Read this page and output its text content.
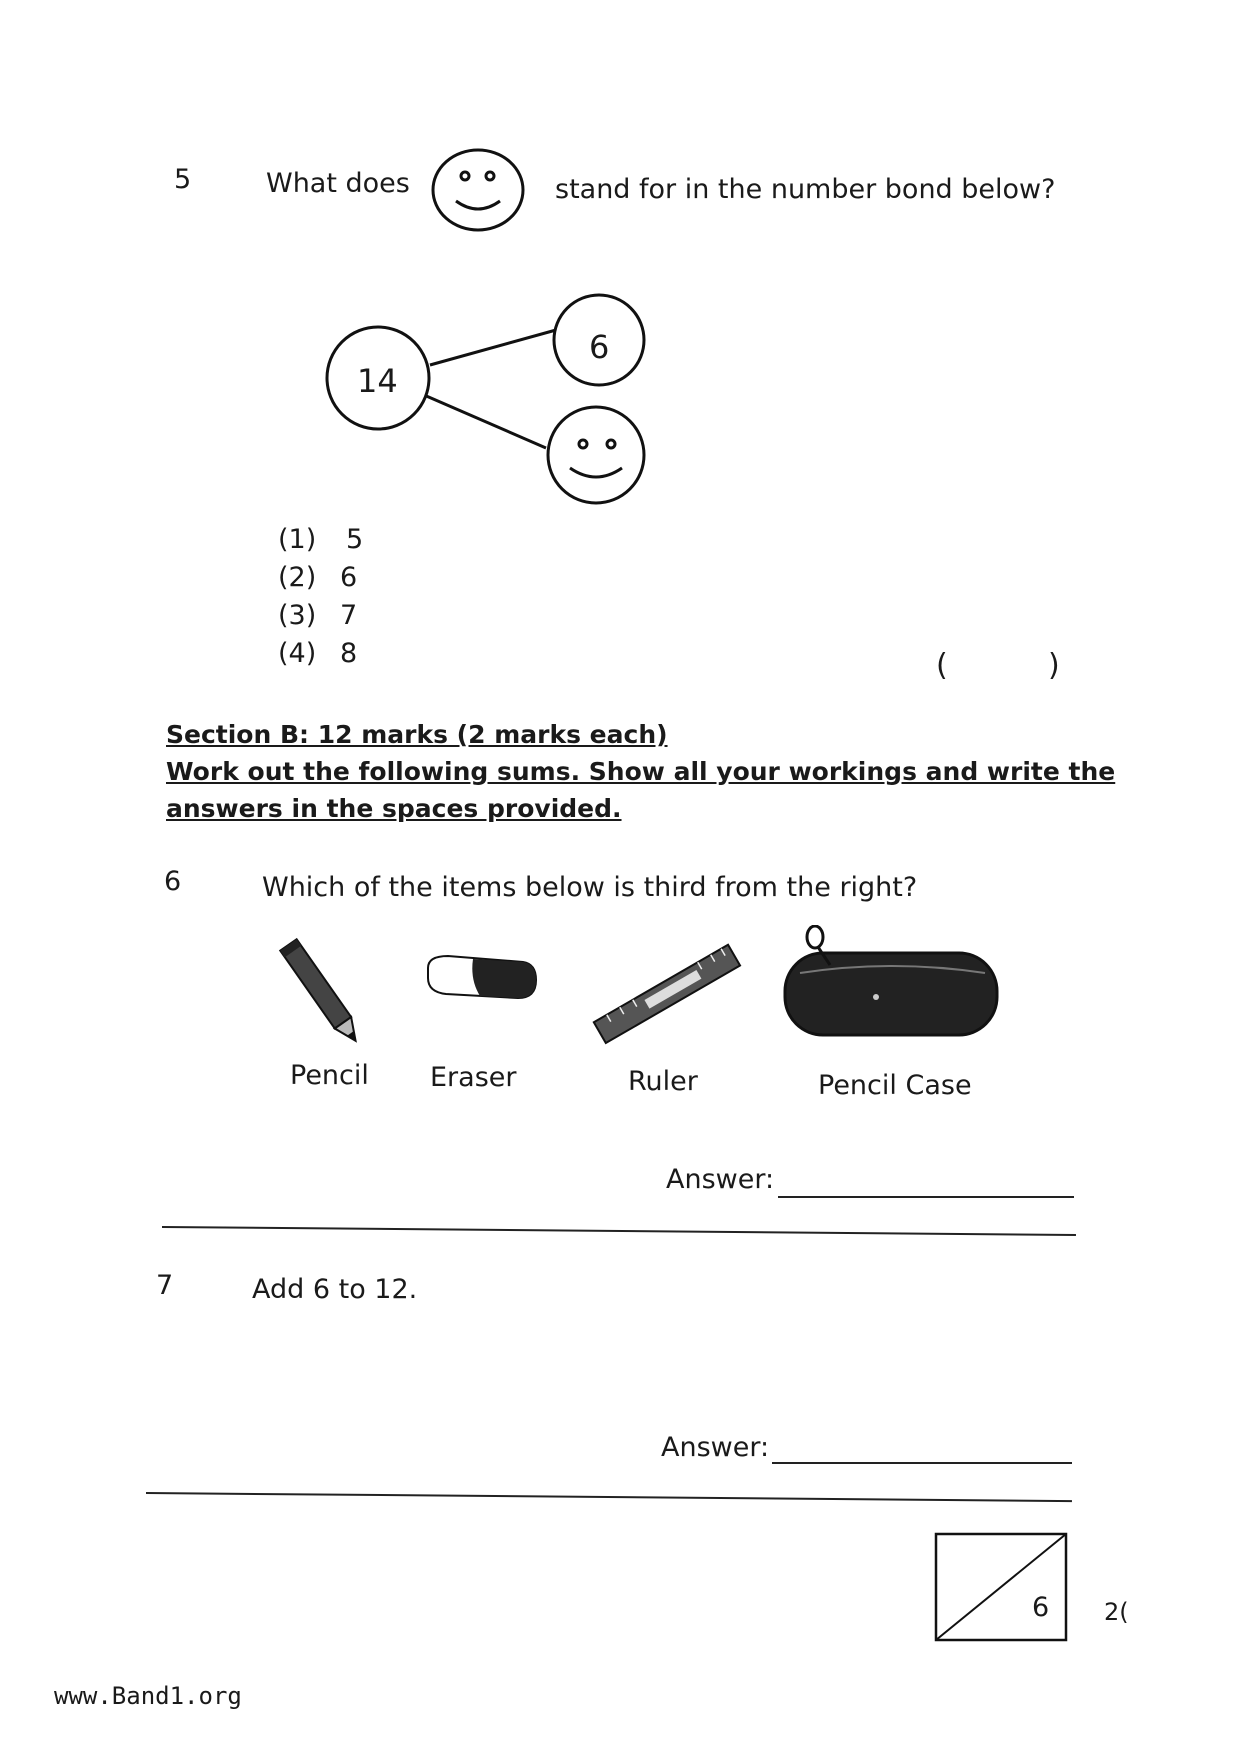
5	What does	stand for in the number bond below?
14
6
(1) 5
(2) 6
(3) 7
(4) 8	(	)
Section B: 12 marks (2 marks each)
Work out the following sums. Show all your workings and write the
answers in the spaces provided.
6	Which of the items below is third from the right?
Pencil Eraser	Ruler	Pencil Case
Answer:
7	Add 6 to 12.
Answer:
6 2(
www.Band1.org
